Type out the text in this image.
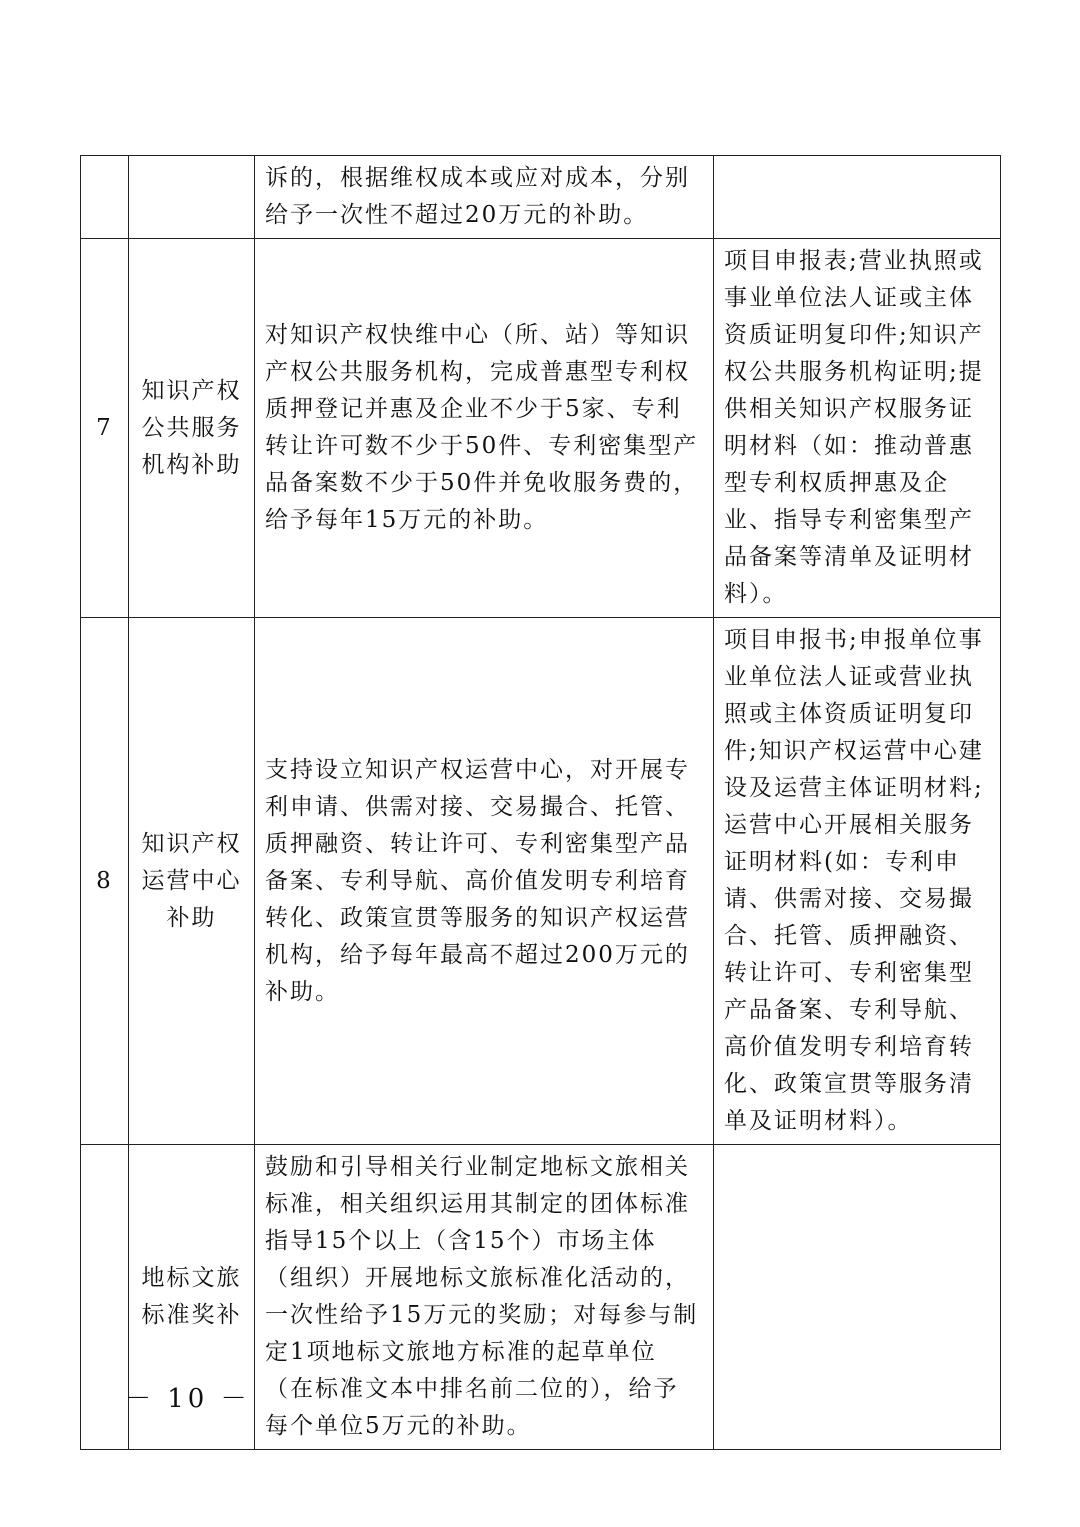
		诉的，根据维权成本或应对成本，分别给予一次性不超过20万元的补助。	
7	知识产权公共服务机构补助	对知识产权快维中心（所、站）等知识产权公共服务机构，完成普惠型专利权质押登记并惠及企业不少于5家、专利转让许可数不少于50件、专利密集型产品备案数不少于50件并免收服务费的，给予每年15万元的补助。	项目申报表;营业执照或事业单位法人证或主体资质证明复印件;知识产权公共服务机构证明;提供相关知识产权服务证明材料（如：推动普惠型专利权质押惠及企业、指导专利密集型产品备案等清单及证明材料）。
8	知识产权运营中心补助	支持设立知识产权运营中心，对开展专利申请、供需对接、交易撮合、托管、质押融资、转让许可、专利密集型产品备案、专利导航、高价值发明专利培育转化、政策宣贯等服务的知识产权运营机构，给予每年最高不超过200万元的补助。	项目申报书;申报单位事业单位法人证或营业执照或主体资质证明复印件;知识产权运营中心建设及运营主体证明材料;运营中心开展相关服务证明材料(如：专利申请、供需对接、交易撮合、托管、质押融资、转让许可、专利密集型产品备案、专利导航、高价值发明专利培育转化、政策宣贯等服务清单及证明材料）。
	地标文旅标准奖补	鼓励和引导相关行业制定地标文旅相关标准，相关组织运用其制定的团体标准指导15个以上（含15个）市场主体（组织）开展地标文旅标准化活动的，一次性给予15万元的奖励；对每参与制定1项地标文旅地方标准的起草单位（在标准文本中排名前二位的），给予每个单位5万元的补助。	
－ 10 －
